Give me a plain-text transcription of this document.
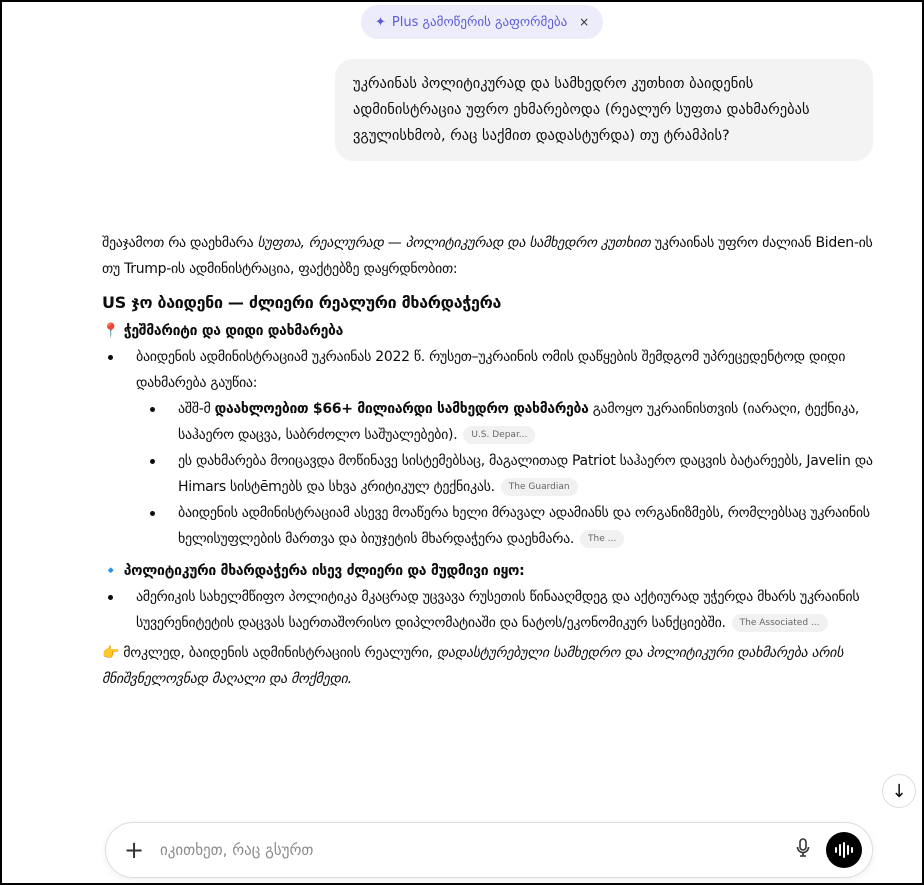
✦ Plus გამოწერის გაფორმება ×
უკრაინას პოლიტიკურად და სამხედრო კუთხით ბაიდენის ადმინისტრაცია უფრო ეხმარებოდა (რეალურ სუფთა დახმარებას ვგულისხმობ, რაც საქმით დადასტურდა) თუ ტრამპის?

შეაჯამოთ რა დაეხმარა სუფთა, რეალურად — პოლიტიკურად და სამხედრო კუთხით უკრაინას უფრო ძალიან Biden-ის თუ Trump-ის ადმინისტრაცია, ფაქტებზე დაყრდნობით:

US ჯო ბაიდენი — ძლიერი რეალური მხარდაჭერა
📍 ჭეშმარიტი და დიდი დახმარება
ბაიდენის ადმინისტრაციამ უკრაინას 2022 წ. რუსეთ–უკრაინის ომის დაწყების შემდგომ უპრეცედენტოდ დიდი დახმარება გაუწია:
აშშ-მ დაახლოებით $66+ მილიარდი სამხედრო დახმარება გამოყო უკრაინისთვის (იარაღი, ტექნიკა, საჰაერო დაცვა, საბრძოლო საშუალებები). U.S. Depar...
ეს დახმარება მოიცავდა მოწინავე სისტემებსაც, მაგალითად Patriot საჰაერო დაცვის ბატარეებს, Javelin და Himars სისტēmებს და სხვა კრიტიკულ ტექნიკას. The Guardian
ბაიდენის ადმინისტრაციამ ასევე მოაწერა ხელი მრავალ ადამიანს და ორგანიზმებს, რომლებსაც უკრაინის ხელისუფლების მართვა და ბიუჯეტის მხარდაჭერა დაეხმარა. The ...
🔹 პოლიტიკური მხარდაჭერა ისევ ძლიერი და მუდმივი იყო:
ამერიკის სახელმწიფო პოლიტიკა მკაცრად უცვავა რუსეთის წინააღმდეგ და აქტიურად უჭერდა მხარს უკრაინის სუვერენიტეტის დაცვას საერთაშორისო დიპლომატიაში და ნატოს/ეკონომიკურ სანქციებში. The Associated ...

👉 მოკლედ, ბაიდენის ადმინისტრაციის რეალური, დადასტურებული სამხედრო და პოლიტიკური დახმარება არის მნიშვნელოვნად მაღალი და მოქმედი.

↓
+
იკითხეთ, რაც გსურთ
